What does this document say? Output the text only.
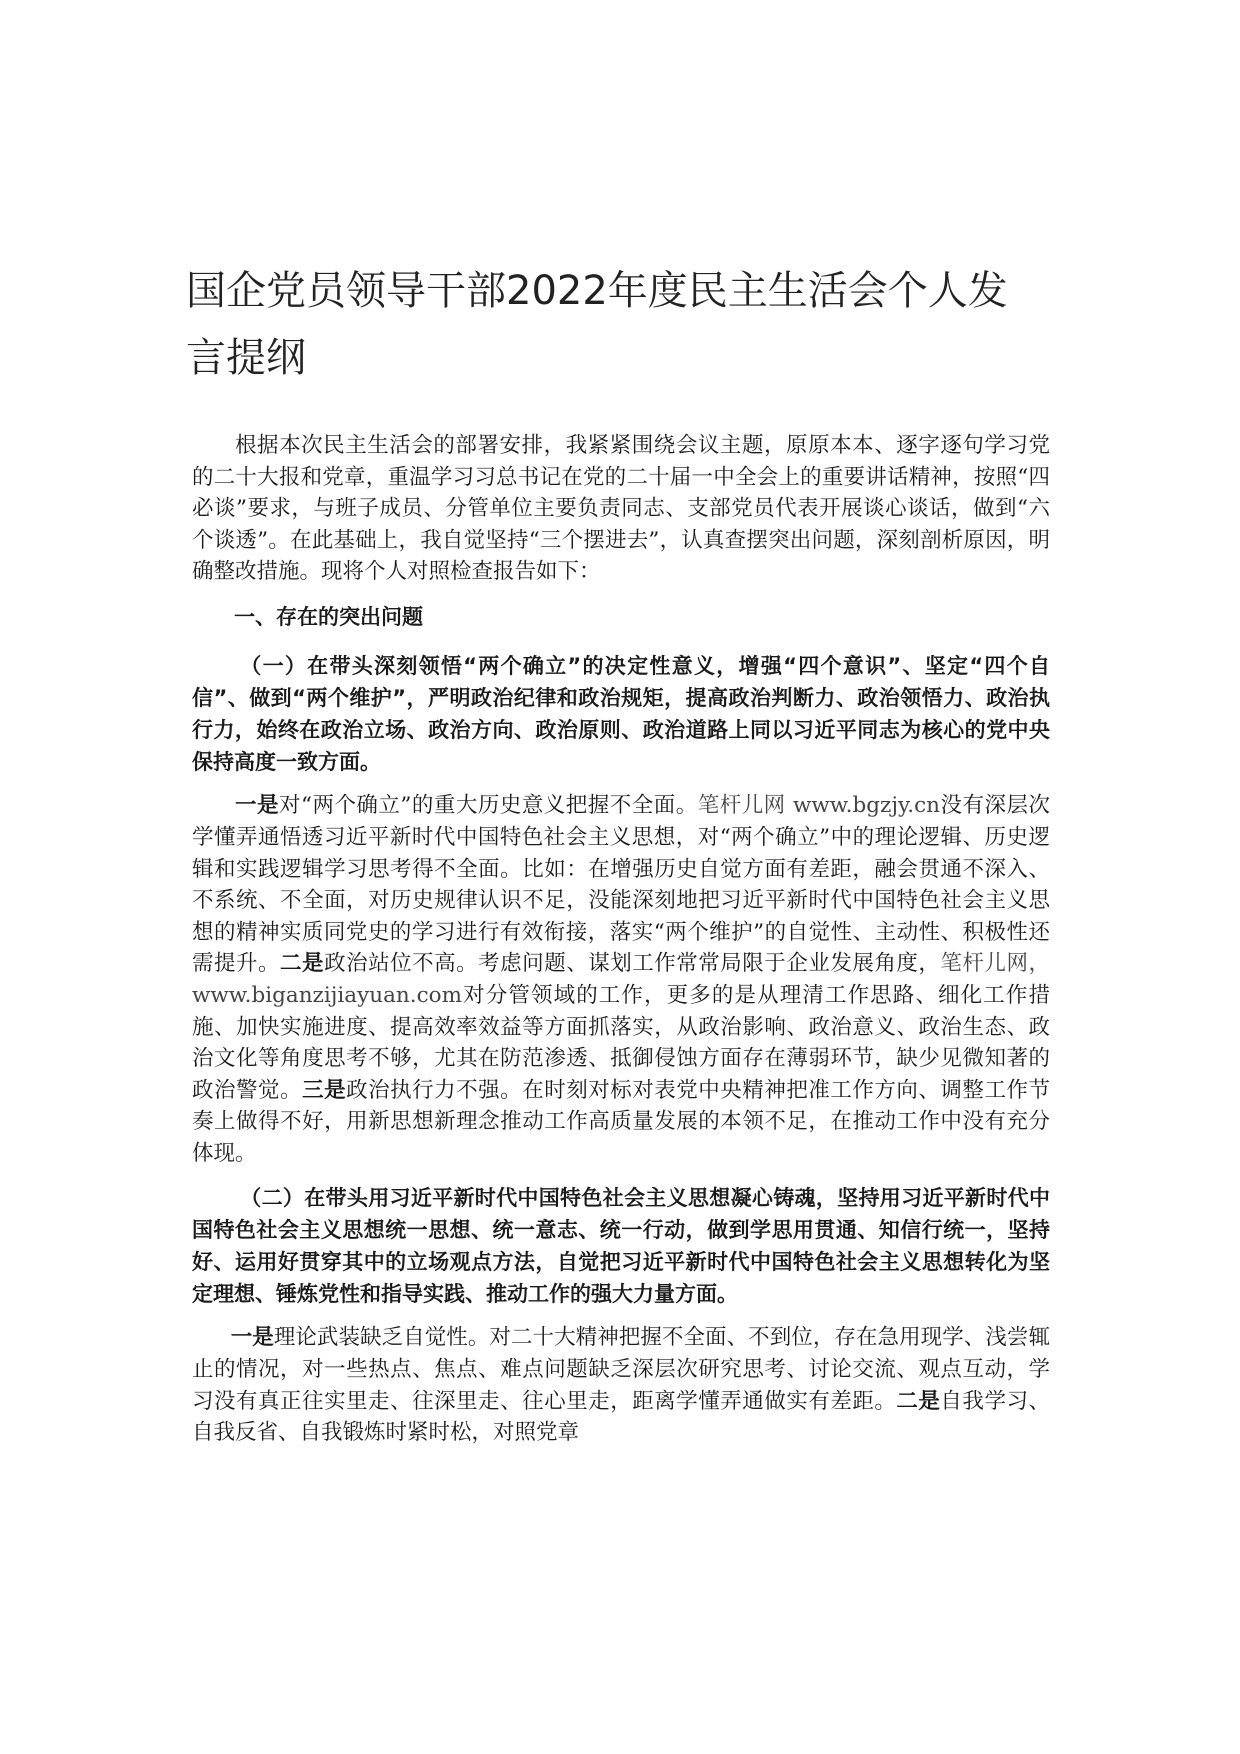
国企党员领导干部2022年度民主生活会个人发言提纲

根据本次民主生活会的部署安排，我紧紧围绕会议主题，原原本本、逐字逐句学习党的二十大报和党章，重温学习习总书记在党的二十届一中全会上的重要讲话精神，按照“四必谈”要求，与班子成员、分管单位主要负责同志、支部党员代表开展谈心谈话，做到“六个谈透”。在此基础上，我自觉坚持“三个摆进去”，认真查摆突出问题，深刻剖析原因，明确整改措施。现将个人对照检查报告如下：

一、存在的突出问题

（一）在带头深刻领悟“两个确立”的决定性意义，增强“四个意识”、坚定“四个自信”、做到“两个维护”，严明政治纪律和政治规矩，提高政治判断力、政治领悟力、政治执行力，始终在政治立场、政治方向、政治原则、政治道路上同以习近平同志为核心的党中央保持高度一致方面。

一是对“两个确立”的重大历史意义把握不全面。笔杆儿网 www.bgzjy.cn没有深层次学懂弄通悟透习近平新时代中国特色社会主义思想，对“两个确立”中的理论逻辑、历史逻辑和实践逻辑学习思考得不全面。比如：在增强历史自觉方面有差距，融会贯通不深入、不系统、不全面，对历史规律认识不足，没能深刻地把习近平新时代中国特色社会主义思想的精神实质同党史的学习进行有效衔接，落实“两个维护”的自觉性、主动性、积极性还需提升。二是政治站位不高。考虑问题、谋划工作常常局限于企业发展角度，笔杆儿网，www.biganzijiayuan.com对分管领域的工作，更多的是从理清工作思路、细化工作措施、加快实施进度、提高效率效益等方面抓落实，从政治影响、政治意义、政治生态、政治文化等角度思考不够，尤其在防范渗透、抵御侵蚀方面存在薄弱环节，缺少见微知著的政治警觉。三是政治执行力不强。在时刻对标对表党中央精神把准工作方向、调整工作节奏上做得不好，用新思想新理念推动工作高质量发展的本领不足，在推动工作中没有充分体现。

（二）在带头用习近平新时代中国特色社会主义思想凝心铸魂，坚持用习近平新时代中国特色社会主义思想统一思想、统一意志、统一行动，做到学思用贯通、知信行统一，坚持好、运用好贯穿其中的立场观点方法，自觉把习近平新时代中国特色社会主义思想转化为坚定理想、锤炼党性和指导实践、推动工作的强大力量方面。

一是理论武装缺乏自觉性。对二十大精神把握不全面、不到位，存在急用现学、浅尝辄止的情况，对一些热点、焦点、难点问题缺乏深层次研究思考、讨论交流、观点互动，学习没有真正往实里走、往深里走、往心里走，距离学懂弄通做实有差距。二是自我学习、自我反省、自我锻炼时紧时松，对照党章
